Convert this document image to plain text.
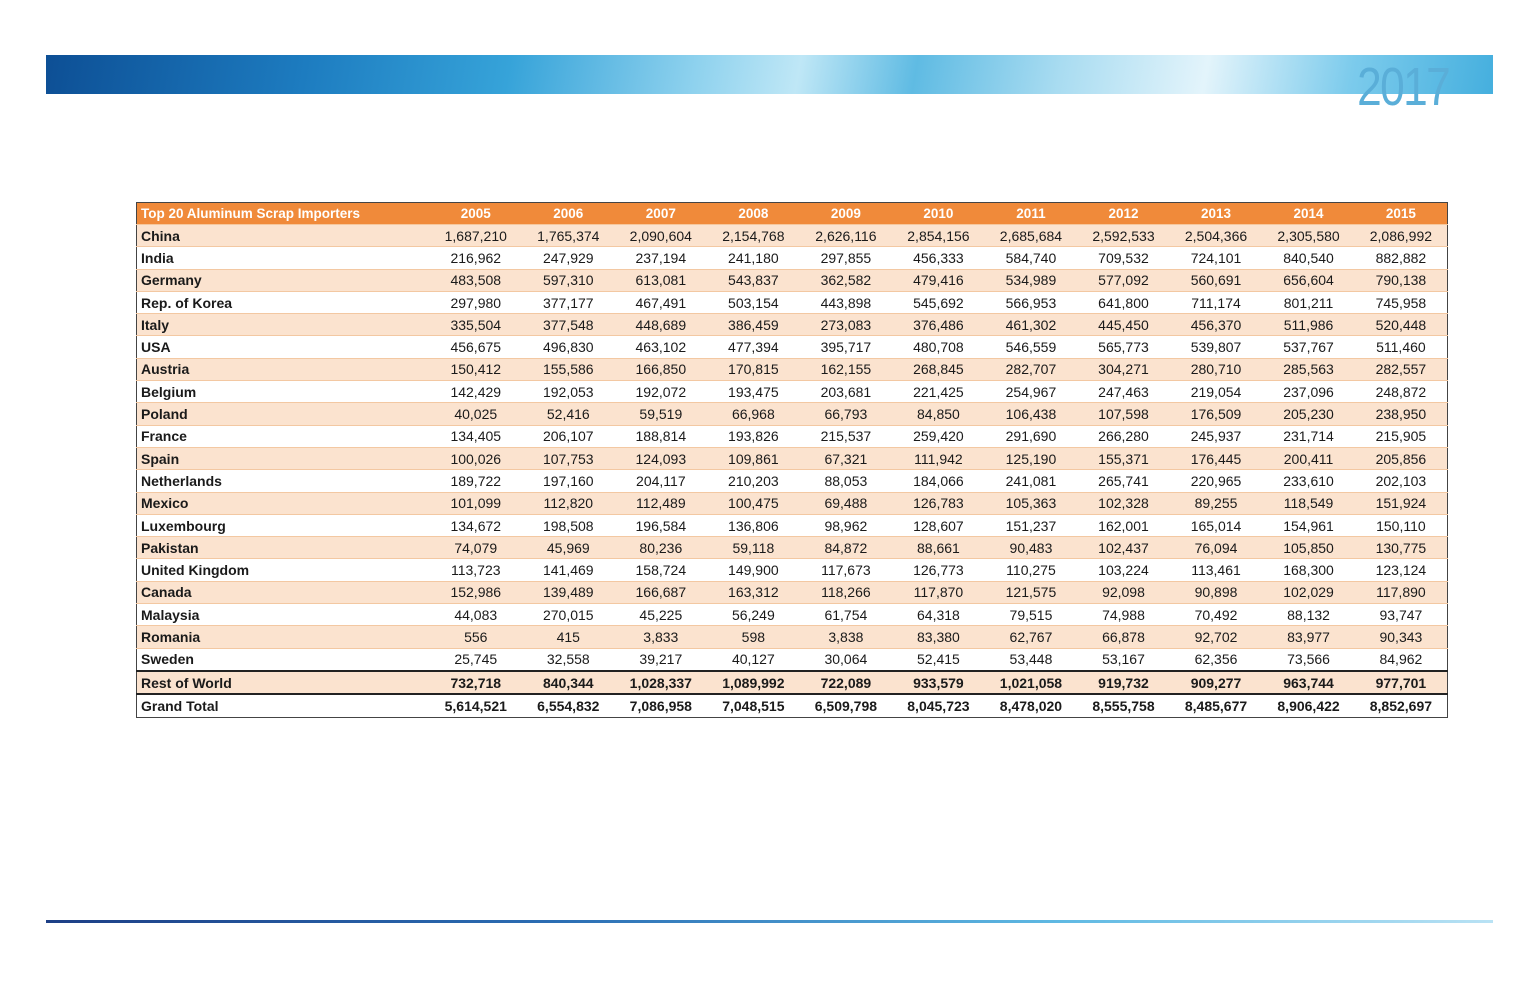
2017
Top 20 Aluminum Scrap Importers	2005	2006	2007	2008	2009	2010	2011	2012	2013	2014	2015
China	1,687,210	1,765,374	2,090,604	2,154,768	2,626,116	2,854,156	2,685,684	2,592,533	2,504,366	2,305,580	2,086,992
India	216,962	247,929	237,194	241,180	297,855	456,333	584,740	709,532	724,101	840,540	882,882
Germany	483,508	597,310	613,081	543,837	362,582	479,416	534,989	577,092	560,691	656,604	790,138
Rep. of Korea	297,980	377,177	467,491	503,154	443,898	545,692	566,953	641,800	711,174	801,211	745,958
Italy	335,504	377,548	448,689	386,459	273,083	376,486	461,302	445,450	456,370	511,986	520,448
USA	456,675	496,830	463,102	477,394	395,717	480,708	546,559	565,773	539,807	537,767	511,460
Austria	150,412	155,586	166,850	170,815	162,155	268,845	282,707	304,271	280,710	285,563	282,557
Belgium	142,429	192,053	192,072	193,475	203,681	221,425	254,967	247,463	219,054	237,096	248,872
Poland	40,025	52,416	59,519	66,968	66,793	84,850	106,438	107,598	176,509	205,230	238,950
France	134,405	206,107	188,814	193,826	215,537	259,420	291,690	266,280	245,937	231,714	215,905
Spain	100,026	107,753	124,093	109,861	67,321	111,942	125,190	155,371	176,445	200,411	205,856
Netherlands	189,722	197,160	204,117	210,203	88,053	184,066	241,081	265,741	220,965	233,610	202,103
Mexico	101,099	112,820	112,489	100,475	69,488	126,783	105,363	102,328	89,255	118,549	151,924
Luxembourg	134,672	198,508	196,584	136,806	98,962	128,607	151,237	162,001	165,014	154,961	150,110
Pakistan	74,079	45,969	80,236	59,118	84,872	88,661	90,483	102,437	76,094	105,850	130,775
United Kingdom	113,723	141,469	158,724	149,900	117,673	126,773	110,275	103,224	113,461	168,300	123,124
Canada	152,986	139,489	166,687	163,312	118,266	117,870	121,575	92,098	90,898	102,029	117,890
Malaysia	44,083	270,015	45,225	56,249	61,754	64,318	79,515	74,988	70,492	88,132	93,747
Romania	556	415	3,833	598	3,838	83,380	62,767	66,878	92,702	83,977	90,343
Sweden	25,745	32,558	39,217	40,127	30,064	52,415	53,448	53,167	62,356	73,566	84,962
Rest of World	732,718	840,344	1,028,337	1,089,992	722,089	933,579	1,021,058	919,732	909,277	963,744	977,701
Grand Total	5,614,521	6,554,832	7,086,958	7,048,515	6,509,798	8,045,723	8,478,020	8,555,758	8,485,677	8,906,422	8,852,697
